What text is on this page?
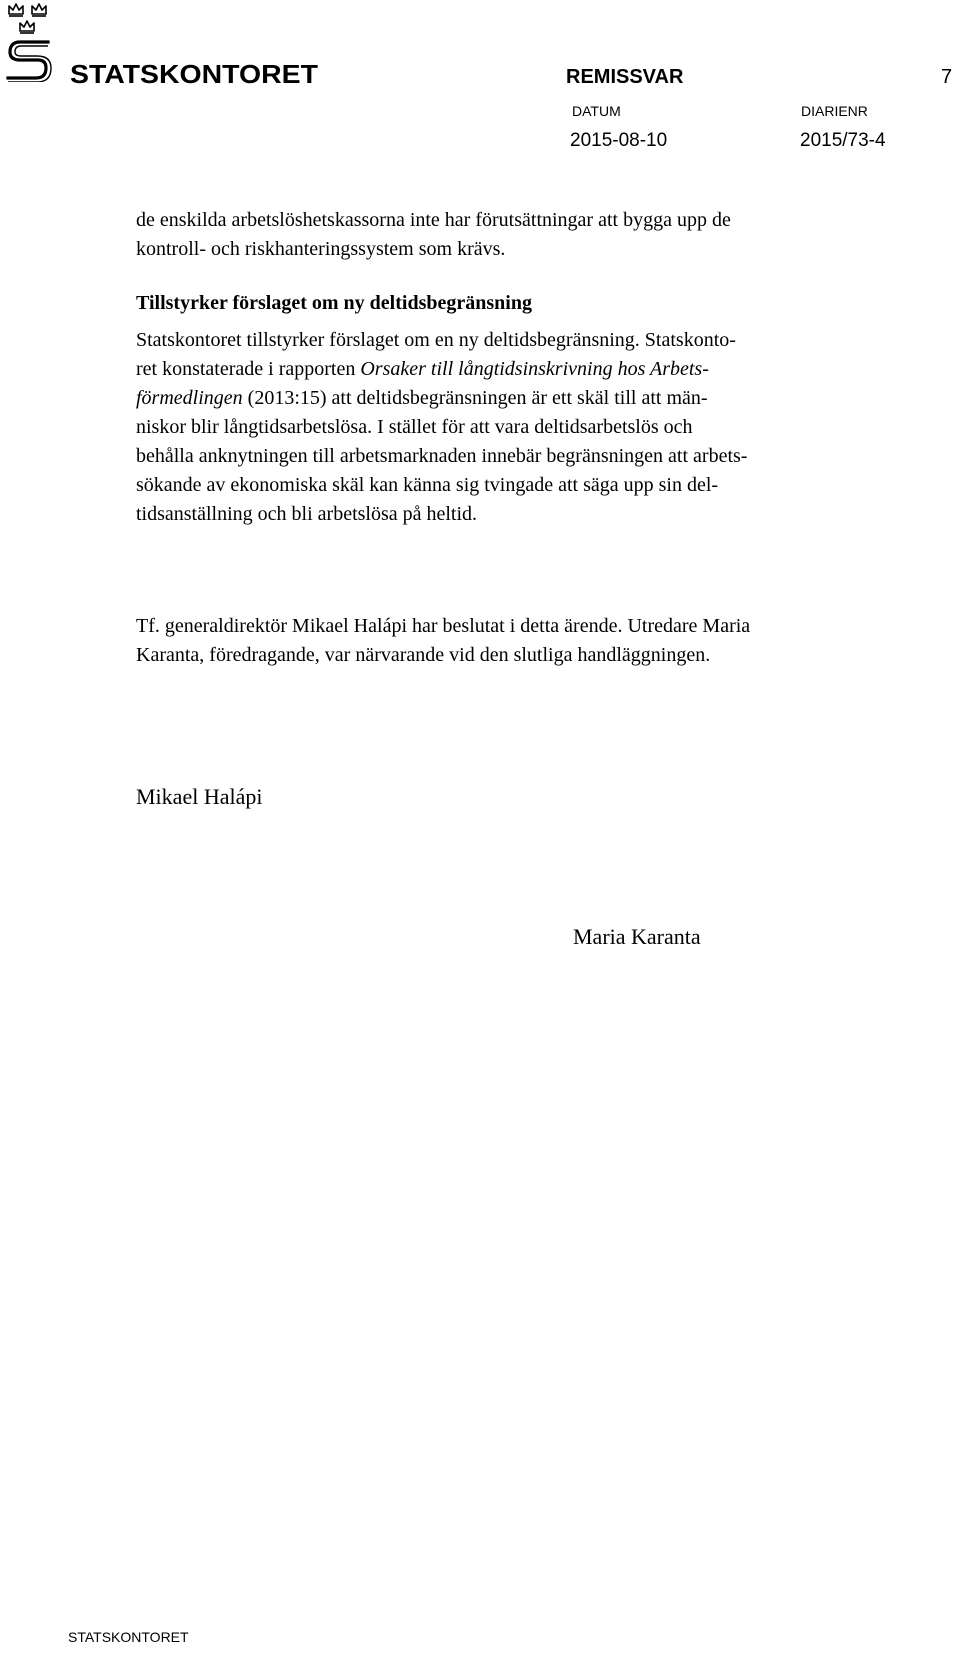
STATSKONTORET	REMISSVAR	7
DATUM	DIARIENR
2015-08-10	2015/73-4

de enskilda arbetslöshetskassorna inte har förutsättningar att bygga upp de
kontroll- och riskhanteringssystem som krävs.

Tillstyrker förslaget om ny deltidsbegränsning

Statskontoret tillstyrker förslaget om en ny deltidsbegränsning. Statskonto-
ret konstaterade i rapporten Orsaker till långtidsinskrivning hos Arbets-
förmedlingen (2013:15) att deltidsbegränsningen är ett skäl till att män-
niskor blir långtidsarbetslösa. I stället för att vara deltidsarbetslös och
behålla anknytningen till arbetsmarknaden innebär begränsningen att arbets-
sökande av ekonomiska skäl kan känna sig tvingade att säga upp sin del-
tidsanställning och bli arbetslösa på heltid.

Tf. generaldirektör Mikael Halápi har beslutat i detta ärende. Utredare Maria
Karanta, föredragande, var närvarande vid den slutliga handläggningen.

Mikael Halápi
Maria Karanta
STATSKONTORET
